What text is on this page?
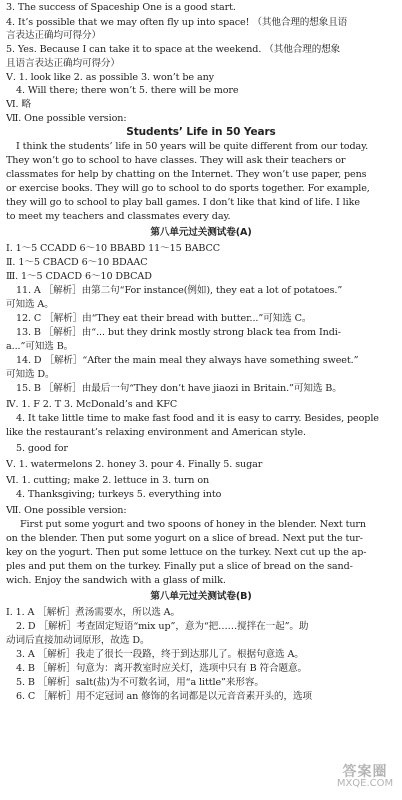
3. The success of Spaceship One is a good start.
4. It’s possible that we may often fly up into space! （其他合理的想象且语
言表达正确均可得分）
5. Yes. Because I can take it to space at the weekend. （其他合理的想象
且语言表达正确均可得分）
Ⅴ. 1. look like 2. as possible 3. won’t be any
4. Will there; there won’t 5. there will be more
Ⅵ. 略
Ⅶ. One possible version:
Students’ Life in 50 Years
I think the students’ life in 50 years will be quite different from our today.
They won’t go to school to have classes. They will ask their teachers or
classmates for help by chatting on the Internet. They won’t use paper, pens
or exercise books. They will go to school to do sports together. For example,
they will go to school to play ball games. I don’t like that kind of life. I like
to meet my teachers and classmates every day.
第八单元过关测试卷(A)
Ⅰ. 1～5 CCADD 6～10 BBABD 11～15 BABCC
Ⅱ. 1～5 CBACD 6～10 BDAAC
Ⅲ. 1～5 CDACD 6～10 DBCAD
11. A ［解析］由第二句“For instance(例如), they eat a lot of potatoes.”
可知选 A。
12. C ［解析］由“They eat their bread with butter...”可知选 C。
13. B ［解析］由“... but they drink mostly strong black tea from Indi-
a...”可知选 B。
14. D ［解析］“After the main meal they always have something sweet.”
可知选 D。
15. B ［解析］由最后一句“They don’t have jiaozi in Britain.”可知选 B。
Ⅳ. 1. F 2. T 3. McDonald’s and KFC
4. It take little time to make fast food and it is easy to carry. Besides, people
like the restaurant’s relaxing environment and American style.
5. good for
Ⅴ. 1. watermelons 2. honey 3. pour 4. Finally 5. sugar
Ⅵ. 1. cutting; make 2. lettuce in 3. turn on
4. Thanksgiving; turkeys 5. everything into
Ⅶ. One possible version:
First put some yogurt and two spoons of honey in the blender. Next turn
on the blender. Then put some yogurt on a slice of bread. Next put the tur-
key on the yogurt. Then put some lettuce on the turkey. Next cut up the ap-
ples and put them on the turkey. Finally put a slice of bread on the sand-
wich. Enjoy the sandwich with a glass of milk.
第八单元过关测试卷(B)
Ⅰ. 1. A ［解析］煮汤需要水，所以选 A。
2. D ［解析］考查固定短语“mix up”，意为“把……搅拌在一起”。助
动词后直接加动词原形，故选 D。
3. A ［解析］我走了很长一段路，终于到达那儿了。根据句意选 A。
4. B ［解析］句意为：离开教室时应关灯，选项中只有 B 符合题意。
5. B ［解析］salt(盐)为不可数名词，用“a little”来形容。
6. C ［解析］用不定冠词 an 修饰的名词都是以元音音素开头的，选项
答案圈
MXQE.COM
